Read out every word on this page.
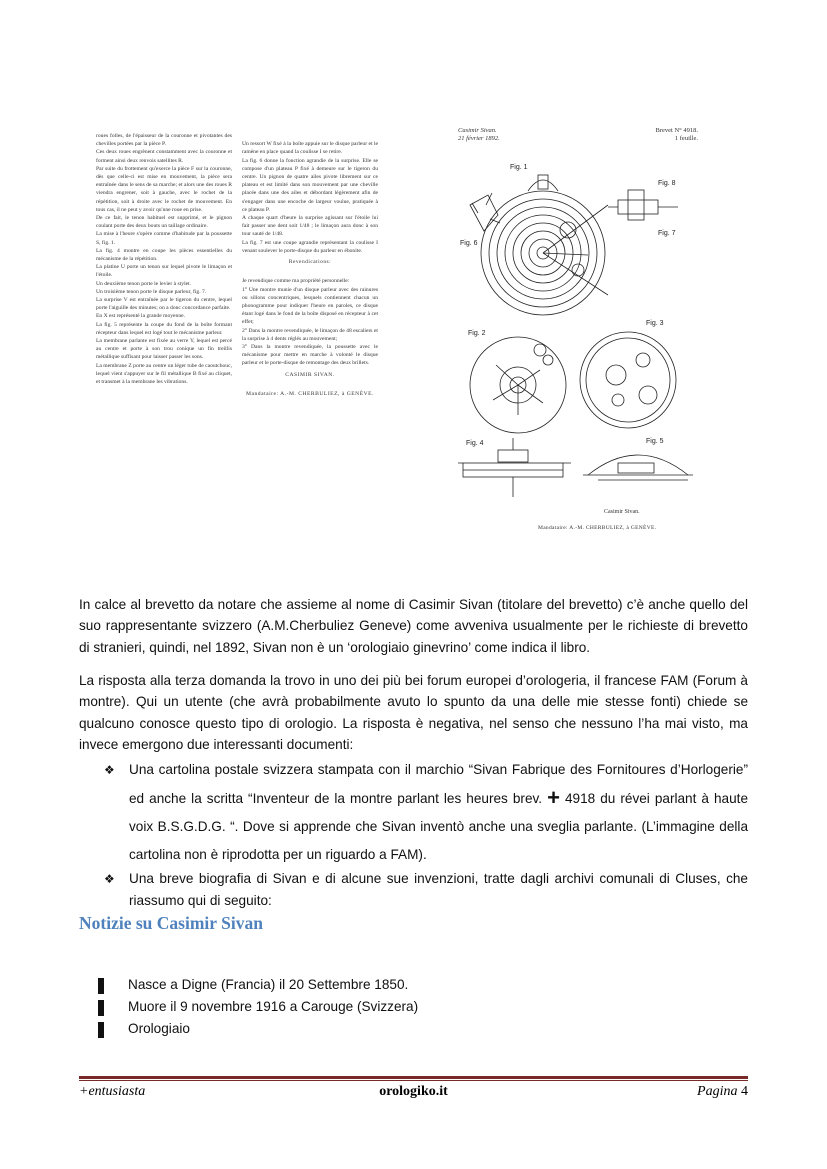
roues folles, de l'épaisseur de la couronne et pivotantes des chevilles portées par la pièce P.
Ces deux roues engrènent constamment avec la couronne et forment ainsi deux renvois satellites R.
Par suite du frottement qu'exerce la pièce F sur la couronne, dès que celle-ci est mise en mouvement, la pièce sera entraînée dans le sens de sa marche; et alors une des roues R viendra engrener, soit à gauche, avec le rochet de la répétition, soit à droite avec le rochet de mouvement. En tous cas, il ne peut y avoir qu'une roue en prise.
De ce fait, le tenon habituel est supprimé, et le pignon coulant porte des deux bouts un taillage ordinaire.
La mise à l'heure s'opère comme d'habitude par la poussette S, fig. 1.
La fig. 4 montre en coupe les pièces essentielles du mécanisme de la répétition.
La platine U porte un tenon sur lequel pivote le limaçon et l'étoile.
Un deuxième tenon porte le levier à stylet.
Un troisième tenon porte le disque parleur, fig. 7.
La surprise V est entraînée par le tigeron du centre, lequel porte l'aiguille des minutes; on a donc concordance parfaite.
En X est représenté la grande moyenne.
La fig. 5 représente la coupe du fond de la boîte formant récepteur dans lequel est logé tout le mécanisme parleur.
La membrane parlante est fixée au verre Y, lequel est percé au centre et porte à son trou conique un fin treillis métallique suffisant pour laisser passer les sons.
La membrane Z porte au centre un léger tube de caoutchouc, lequel vient s'appuyer sur le fil métallique B fixé au cliquet, et transmet à la membrane les vibrations.

Un ressort W fixé à la boîte appuie sur le disque parleur et le ramène en place quand la coulisse I se retire.
La fig. 6 donne la fonction agrandie de la surprise. Elle se compose d'un plateau P fixé à demeure sur le tigeron du centre. Un pignon de quatre ailes pivote librement sur ce plateau et est limité dans son mouvement par une cheville placée dans une des ailes et débordant légèrement afin de s'engager dans une encoche de largeur voulue, pratiquée à ce plateau P.
A chaque quart d'heure la surprise agissant sur l'étoile lui fait passer une dent soit 1/48 ; le limaçon aura donc à son tour sauté de 1/48.
La fig. 7 est une coupe agrandie représentant la coulisse I venant soulever le porte-disque du parleur en ébonite.

Revendications:

Je revendique comme ma propriété personnelle:
1° Une montre munie d'un disque parleur avec des rainures ou sillons concentriques, lesquels contiennent chacun un phonogramme pour indiquer l'heure en paroles, ce disque étant logé dans le fond de la boîte disposé en récepteur à cet effet;
2° Dans la montre revendiquée, le limaçon de 48 escaliers et la surprise à 4 dents réglés au mouvement;
3° Dans la montre revendiquée, la poussette avec le mécanisme pour mettre en marche à volonté le disque parleur et le porte-disque de remontage des deux brillets.

CASIMIR SIVAN.

Mandataire: A.-M. CHERBULIEZ, à GENÈVE.

Casimir Sivan.
21 février 1892.
Brevet N° 4918.
1 feuille.
Fig. 1
Fig. 6
Fig. 7
Fig. 8
Fig. 2
Fig. 3
Fig. 4	Fig. 5
Casimir Sivan.
Mandataire: A.-M. CHERBULIEZ, à GENÈVE.

In calce al brevetto da notare che assieme al nome di Casimir Sivan (titolare del brevetto) c’è anche quello del suo rappresentante svizzero (A.M.Cherbuliez Geneve) come avveniva usualmente per le richieste di brevetto di stranieri, quindi, nel 1892, Sivan non è un ‘orologiaio ginevrino’ come indica il libro.

La risposta alla terza domanda la trovo in uno dei più bei forum europei d’orologeria, il francese FAM (Forum à montre). Qui un utente (che avrà probabilmente avuto lo spunto da una delle mie stesse fonti) chiede se qualcuno conosce questo tipo di orologio. La risposta è negativa, nel senso che nessuno l’ha mai visto, ma invece emergono due interessanti documenti:

❖ Una cartolina postale svizzera stampata con il marchio “Sivan Fabrique des Fornitoures d’Horlogerie” ed anche la scritta “Inventeur de la montre parlant les heures brev. + 4918 du révei parlant à haute voix B.S.G.D.G. “. Dove si apprende che Sivan inventò anche una sveglia parlante. (L’immagine della cartolina non è riprodotta per un riguardo a FAM).
❖ Una breve biografia di Sivan e di alcune sue invenzioni, tratte dagli archivi comunali di Cluses, che riassumo qui di seguito:
Notizie su Casimir Sivan
Nasce a Digne (Francia) il 20 Settembre 1850.
Muore il 9 novembre 1916 a Carouge (Svizzera)
Orologiaio
+entusiasta	orologiko.it	Pagina 4
